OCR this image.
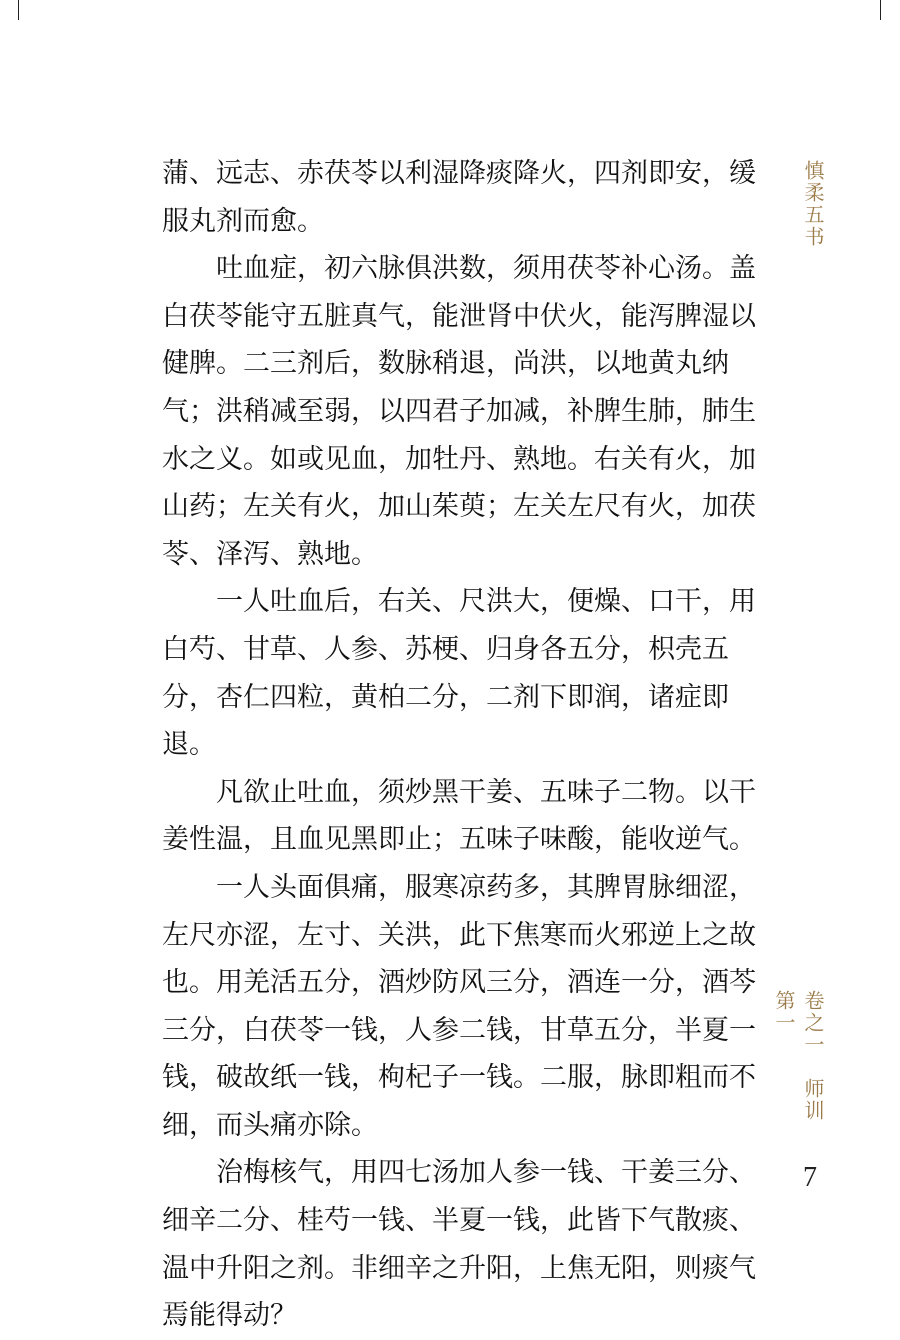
蒲、远志、赤茯苓以利湿降痰降火，四剂即安，缓服丸剂而愈。

吐血症，初六脉俱洪数，须用茯苓补心汤。盖白茯苓能守五脏真气，能泄肾中伏火，能泻脾湿以健脾。二三剂后，数脉稍退，尚洪，以地黄丸纳气；洪稍减至弱，以四君子加减，补脾生肺，肺生水之义。如或见血，加牡丹、熟地。右关有火，加山药；左关有火，加山茱萸；左关左尺有火，加茯苓、泽泻、熟地。

一人吐血后，右关、尺洪大，便燥、口干，用白芍、甘草、人参、苏梗、归身各五分，枳壳五分，杏仁四粒，黄柏二分，二剂下即润，诸症即退。

凡欲止吐血，须炒黑干姜、五味子二物。以干姜性温，且血见黑即止；五味子味酸，能收逆气。

一人头面俱痛，服寒凉药多，其脾胃脉细涩，左尺亦涩，左寸、关洪，此下焦寒而火邪逆上之故也。用羌活五分，酒炒防风三分，酒连一分，酒芩三分，白茯苓一钱，人参二钱，甘草五分，半夏一钱，破故纸一钱，枸杞子一钱。二服，脉即粗而不细，而头痛亦除。

治梅核气，用四七汤加人参一钱、干姜三分、细辛二分、桂芍一钱、半夏一钱，此皆下气散痰、温中升阳之剂。非细辛之升阳，上焦无阳，则痰气焉能得动？

慎柔五书
卷之一　师训第一
7
